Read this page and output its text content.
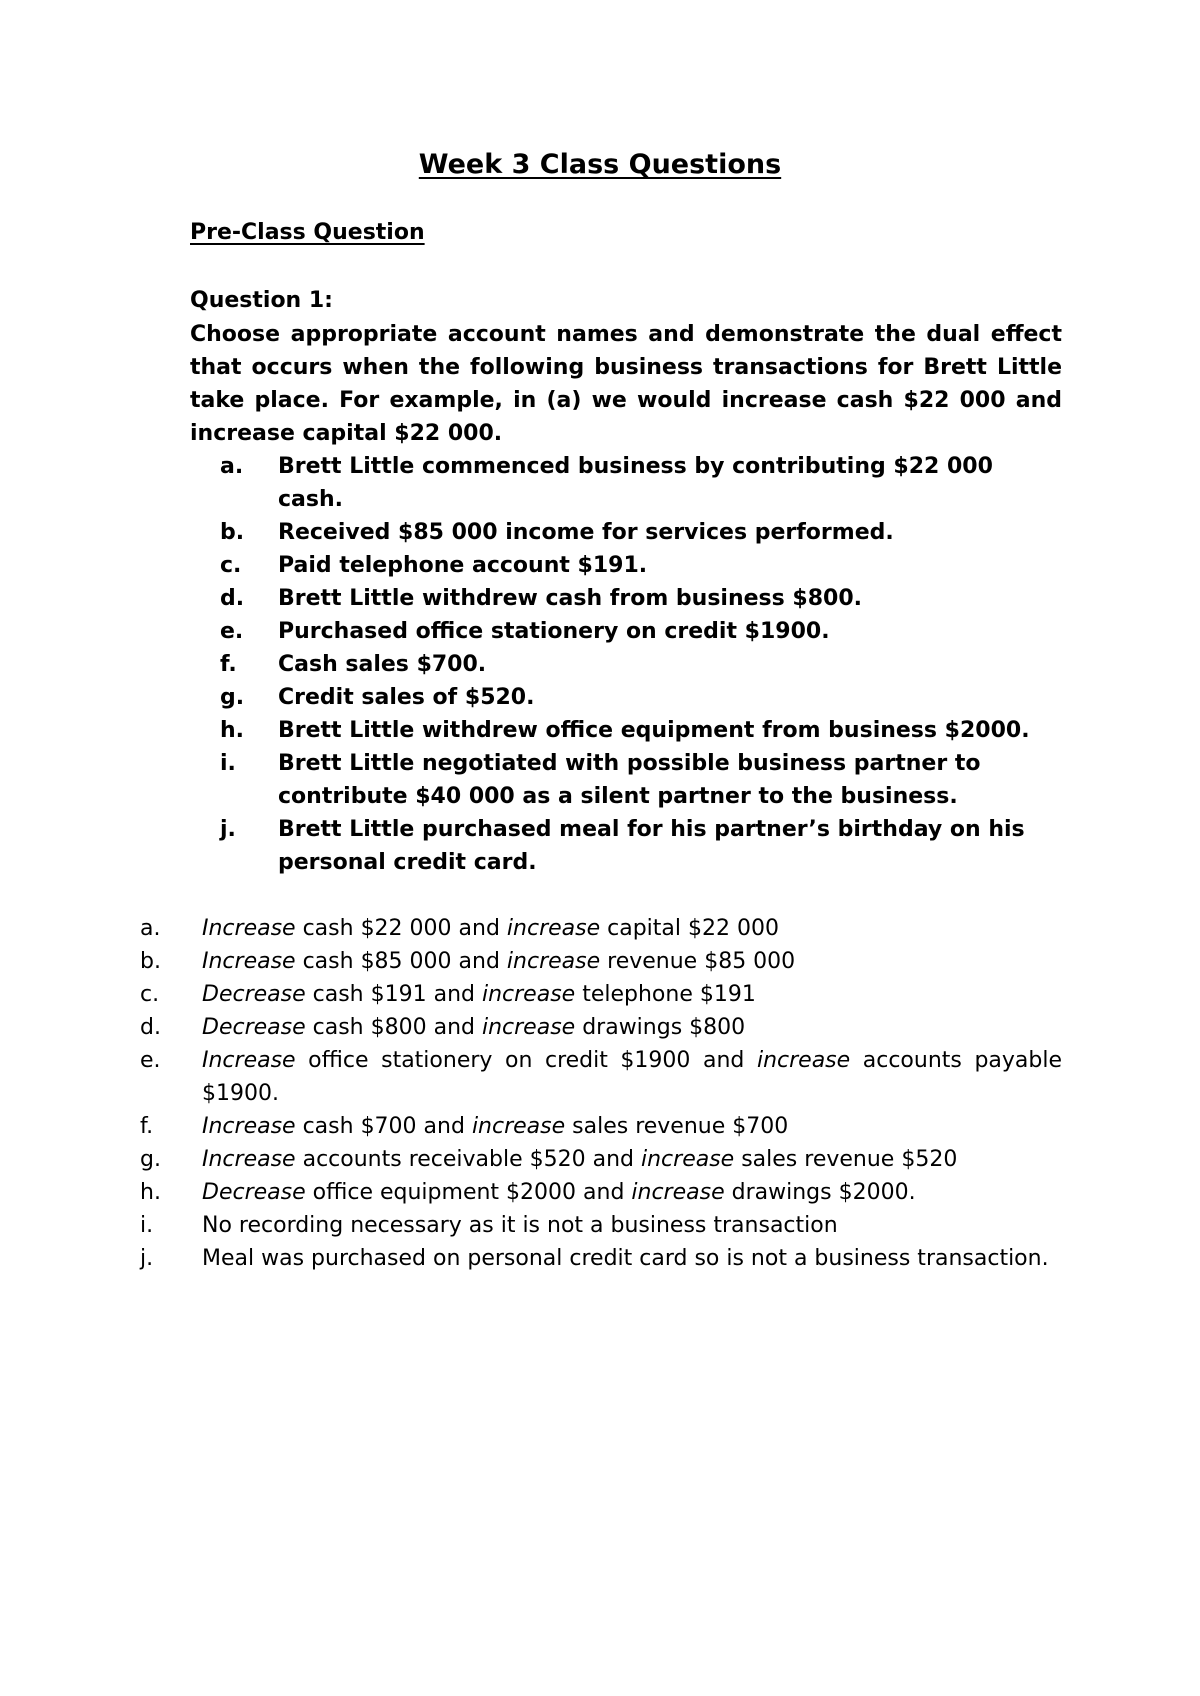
Week 3 Class Questions
Pre-Class Question
Question 1:

Choose appropriate account names and demonstrate the dual effect that occurs when the following business transactions for Brett Little take place. For example, in (a) we would increase cash $22 000 and increase capital $22 000.

a.	Brett Little commenced business by contributing $22 000 cash.
b.	Received $85 000 income for services performed.
c.	Paid telephone account $191.
d.	Brett Little withdrew cash from business $800.
e.	Purchased office stationery on credit $1900.
f.	Cash sales $700.
g.	Credit sales of $520.
h.	Brett Little withdrew office equipment from business $2000.
i.	Brett Little negotiated with possible business partner to contribute $40 000 as a silent partner to the business.
j.	Brett Little purchased meal for his partner’s birthday on his personal credit card.
a.	Increase cash $22 000 and increase capital $22 000
b.	Increase cash $85 000 and increase revenue $85 000
c.	Decrease cash $191 and increase telephone $191
d.	Decrease cash $800 and increase drawings $800
e.	Increase office stationery on credit $1900 and increase accounts payable $1900.
f.	Increase cash $700 and increase sales revenue $700
g.	Increase accounts receivable $520 and increase sales revenue $520
h.	Decrease office equipment $2000 and increase drawings $2000.
i.	No recording necessary as it is not a business transaction
j.	Meal was purchased on personal credit card so is not a business transaction.
